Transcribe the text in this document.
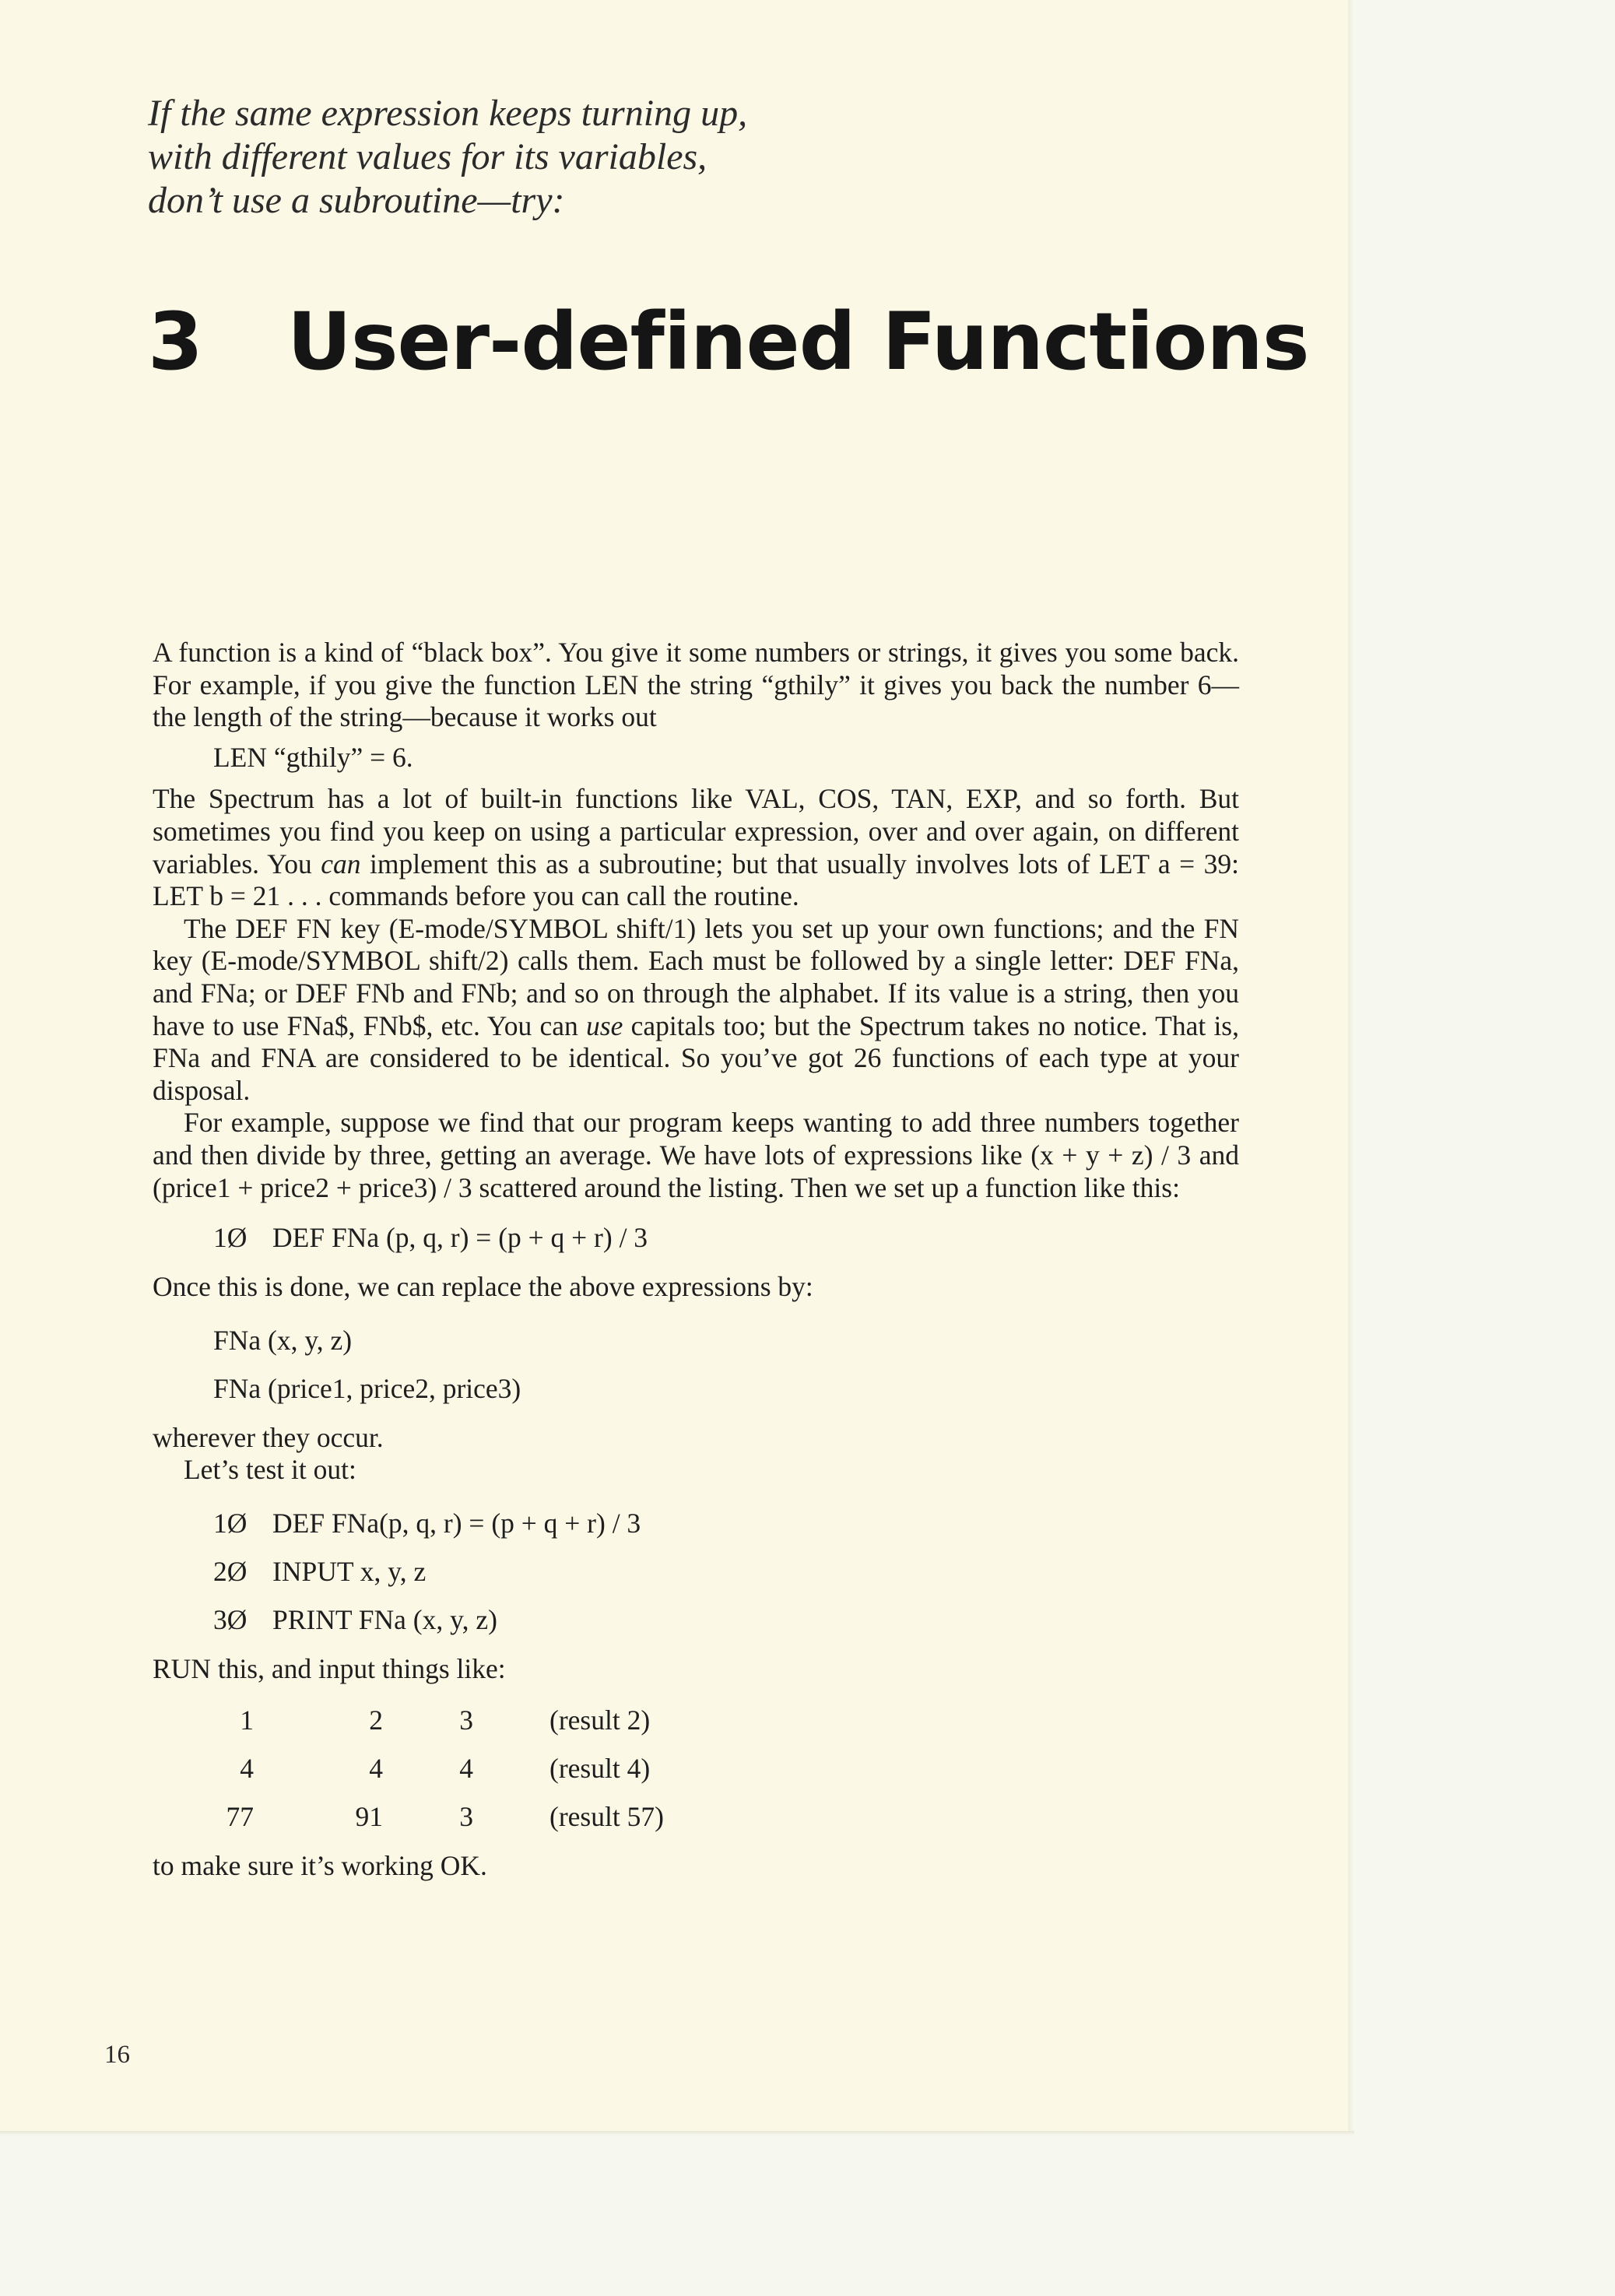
If the same expression keeps turning up,
with different values for its variables,
don’t use a subroutine—try:
3 User-defined Functions

A function is a kind of “black box”. You give it some numbers or strings, it gives you some back. For example, if you give the function LEN the string “gthily” it gives you back the number 6—the length of the string—because it works out

LEN “gthily” = 6.

The Spectrum has a lot of built-in functions like VAL, COS, TAN, EXP, and so forth. But sometimes you find you keep on using a particular expression, over and over again, on different variables. You can implement this as a subroutine; but that usually involves lots of LET a = 39: LET b = 21 . . . commands before you can call the routine.

The DEF FN key (E-mode/SYMBOL shift/1) lets you set up your own functions; and the FN key (E-mode/SYMBOL shift/2) calls them. Each must be followed by a single letter: DEF FNa, and FNa; or DEF FNb and FNb; and so on through the alphabet. If its value is a string, then you have to use FNa$, FNb$, etc. You can use capitals too; but the Spectrum takes no notice. That is, FNa and FNA are considered to be identical. So you’ve got 26 functions of each type at your disposal.

For example, suppose we find that our program keeps wanting to add three numbers together and then divide by three, getting an average. We have lots of expressions like (x + y + z) / 3 and (price1 + price2 + price3) / 3 scattered around the listing. Then we set up a function like this:

1Ø DEF FNa (p, q, r) = (p + q + r) / 3

Once this is done, we can replace the above expressions by:

FNa (x, y, z)
FNa (price1, price2, price3)

wherever they occur.

Let’s test it out:

1Ø DEF FNa(p, q, r) = (p + q + r) / 3
2Ø INPUT x, y, z
3Ø PRINT FNa (x, y, z)

RUN this, and input things like:

1	2	3	(result 2)
4	4	4	(result 4)
77	91	3	(result 57)

to make sure it’s working OK.

16
